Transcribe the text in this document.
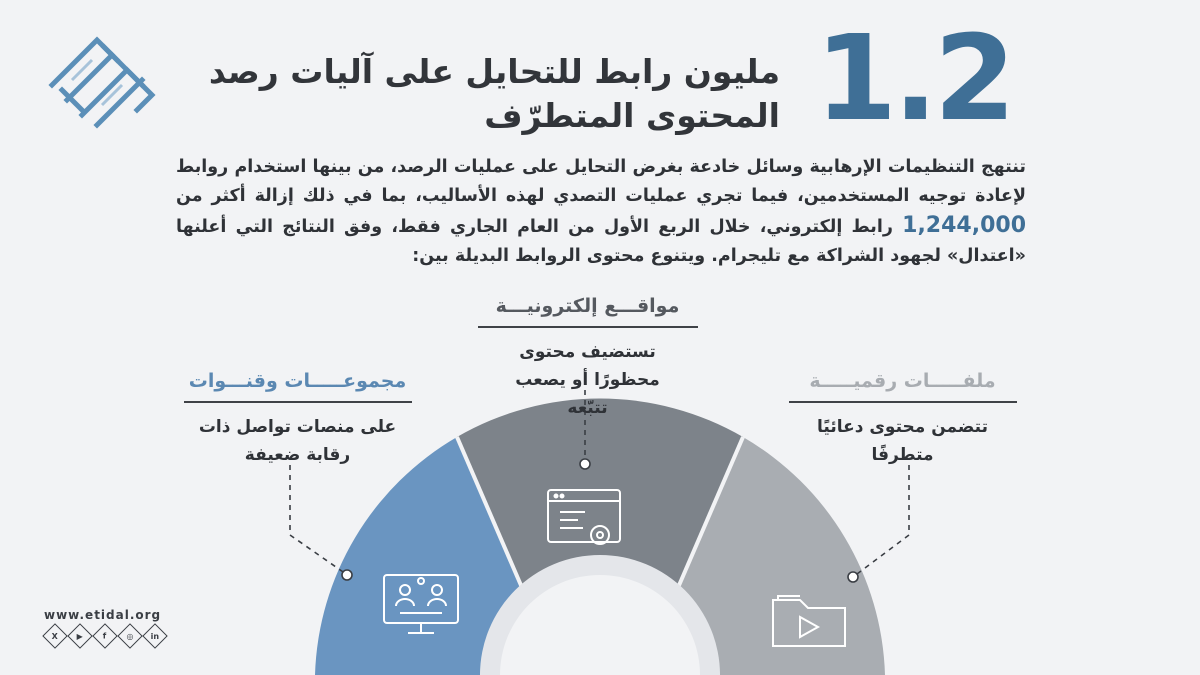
1.2
مليون رابط للتحايل على آليات رصد
المحتوى المتطرّف
تنتهج التنظيمات الإرهابية وسائل خادعة بغرض التحايل على عمليات الرصد، من بينها استخدام روابط لإعادة توجيه المستخدمين، فيما تجري عمليات التصدي لهذه الأساليب، بما في ذلك إزالة أكثر من 1,244,000 رابط إلكتروني، خلال الربع الأول من العام الجاري فقط، وفق النتائج التي أعلنها «اعتدال» لجهود الشراكة مع تليجرام. ويتنوع محتوى الروابط البديلة بين:
مواقـــع إلكترونيـــة
تستضيف محتوى محظورًا أو يصعب تتبّعه
مجموعـــــات وقنـــوات
على منصات تواصل ذات رقابة ضعيفة
ملفـــــات رقميـــــة
تتضمن محتوى دعائيًا متطرفًا
www.etidal.org
X ▶	f ◎ in
